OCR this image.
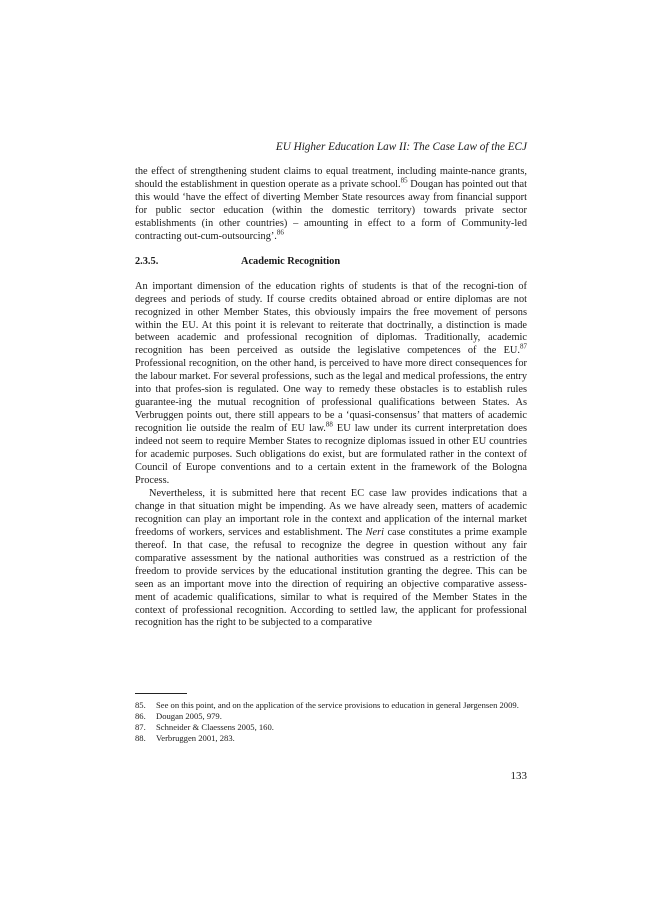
EU Higher Education Law II: The Case Law of the ECJ

the effect of strengthening student claims to equal treatment, including mainte-nance grants, should the establishment in question operate as a private school.$^{85}$ Dougan has pointed out that this would ‘have the effect of diverting Member State resources away from financial support for public sector education (within the domestic territory) towards private sector establishments (in other countries) – amounting in effect to a form of Community-led contracting out-cum-outsourcing’.$^{86}$

2.3.5.	Academic Recognition

An important dimension of the education rights of students is that of the recogni-tion of degrees and periods of study. If course credits obtained abroad or entire diplomas are not recognized in other Member States, this obviously impairs the free movement of persons within the EU. At this point it is relevant to reiterate that doctrinally, a distinction is made between academic and professional recognition of diplomas. Traditionally, academic recognition has been perceived as outside the legislative competences of the EU.$^{87}$ Professional recognition, on the other hand, is perceived to have more direct consequences for the labour market. For several professions, such as the legal and medical professions, the entry into that profes-sion is regulated. One way to remedy these obstacles is to establish rules guarantee-ing the mutual recognition of professional qualifications between States. As Verbruggen points out, there still appears to be a ‘quasi-consensus’ that matters of academic recognition lie outside the realm of EU law.$^{88}$ EU law under its current interpretation does indeed not seem to require Member States to recognize diplomas issued in other EU countries for academic purposes. Such obligations do exist, but are formulated rather in the context of Council of Europe conventions and to a certain extent in the framework of the Bologna Process.

Nevertheless, it is submitted here that recent EC case law provides indications that a change in that situation might be impending. As we have already seen, matters of academic recognition can play an important role in the context and application of the internal market freedoms of workers, services and establishment. The Neri case constitutes a prime example thereof. In that case, the refusal to recognize the degree in question without any fair comparative assessment by the national authorities was construed as a restriction of the freedom to provide services by the educational institution granting the degree. This can be seen as an important move into the direction of requiring an objective comparative assess-ment of academic qualifications, similar to what is required of the Member States in the context of professional recognition. According to settled law, the applicant for professional recognition has the right to be subjected to a comparative

85.	See on this point, and on the application of the service provisions to education in general Jørgensen 2009.
86.	Dougan 2005, 979.
87.	Schneider & Claessens 2005, 160.
88.	Verbruggen 2001, 283.
133
